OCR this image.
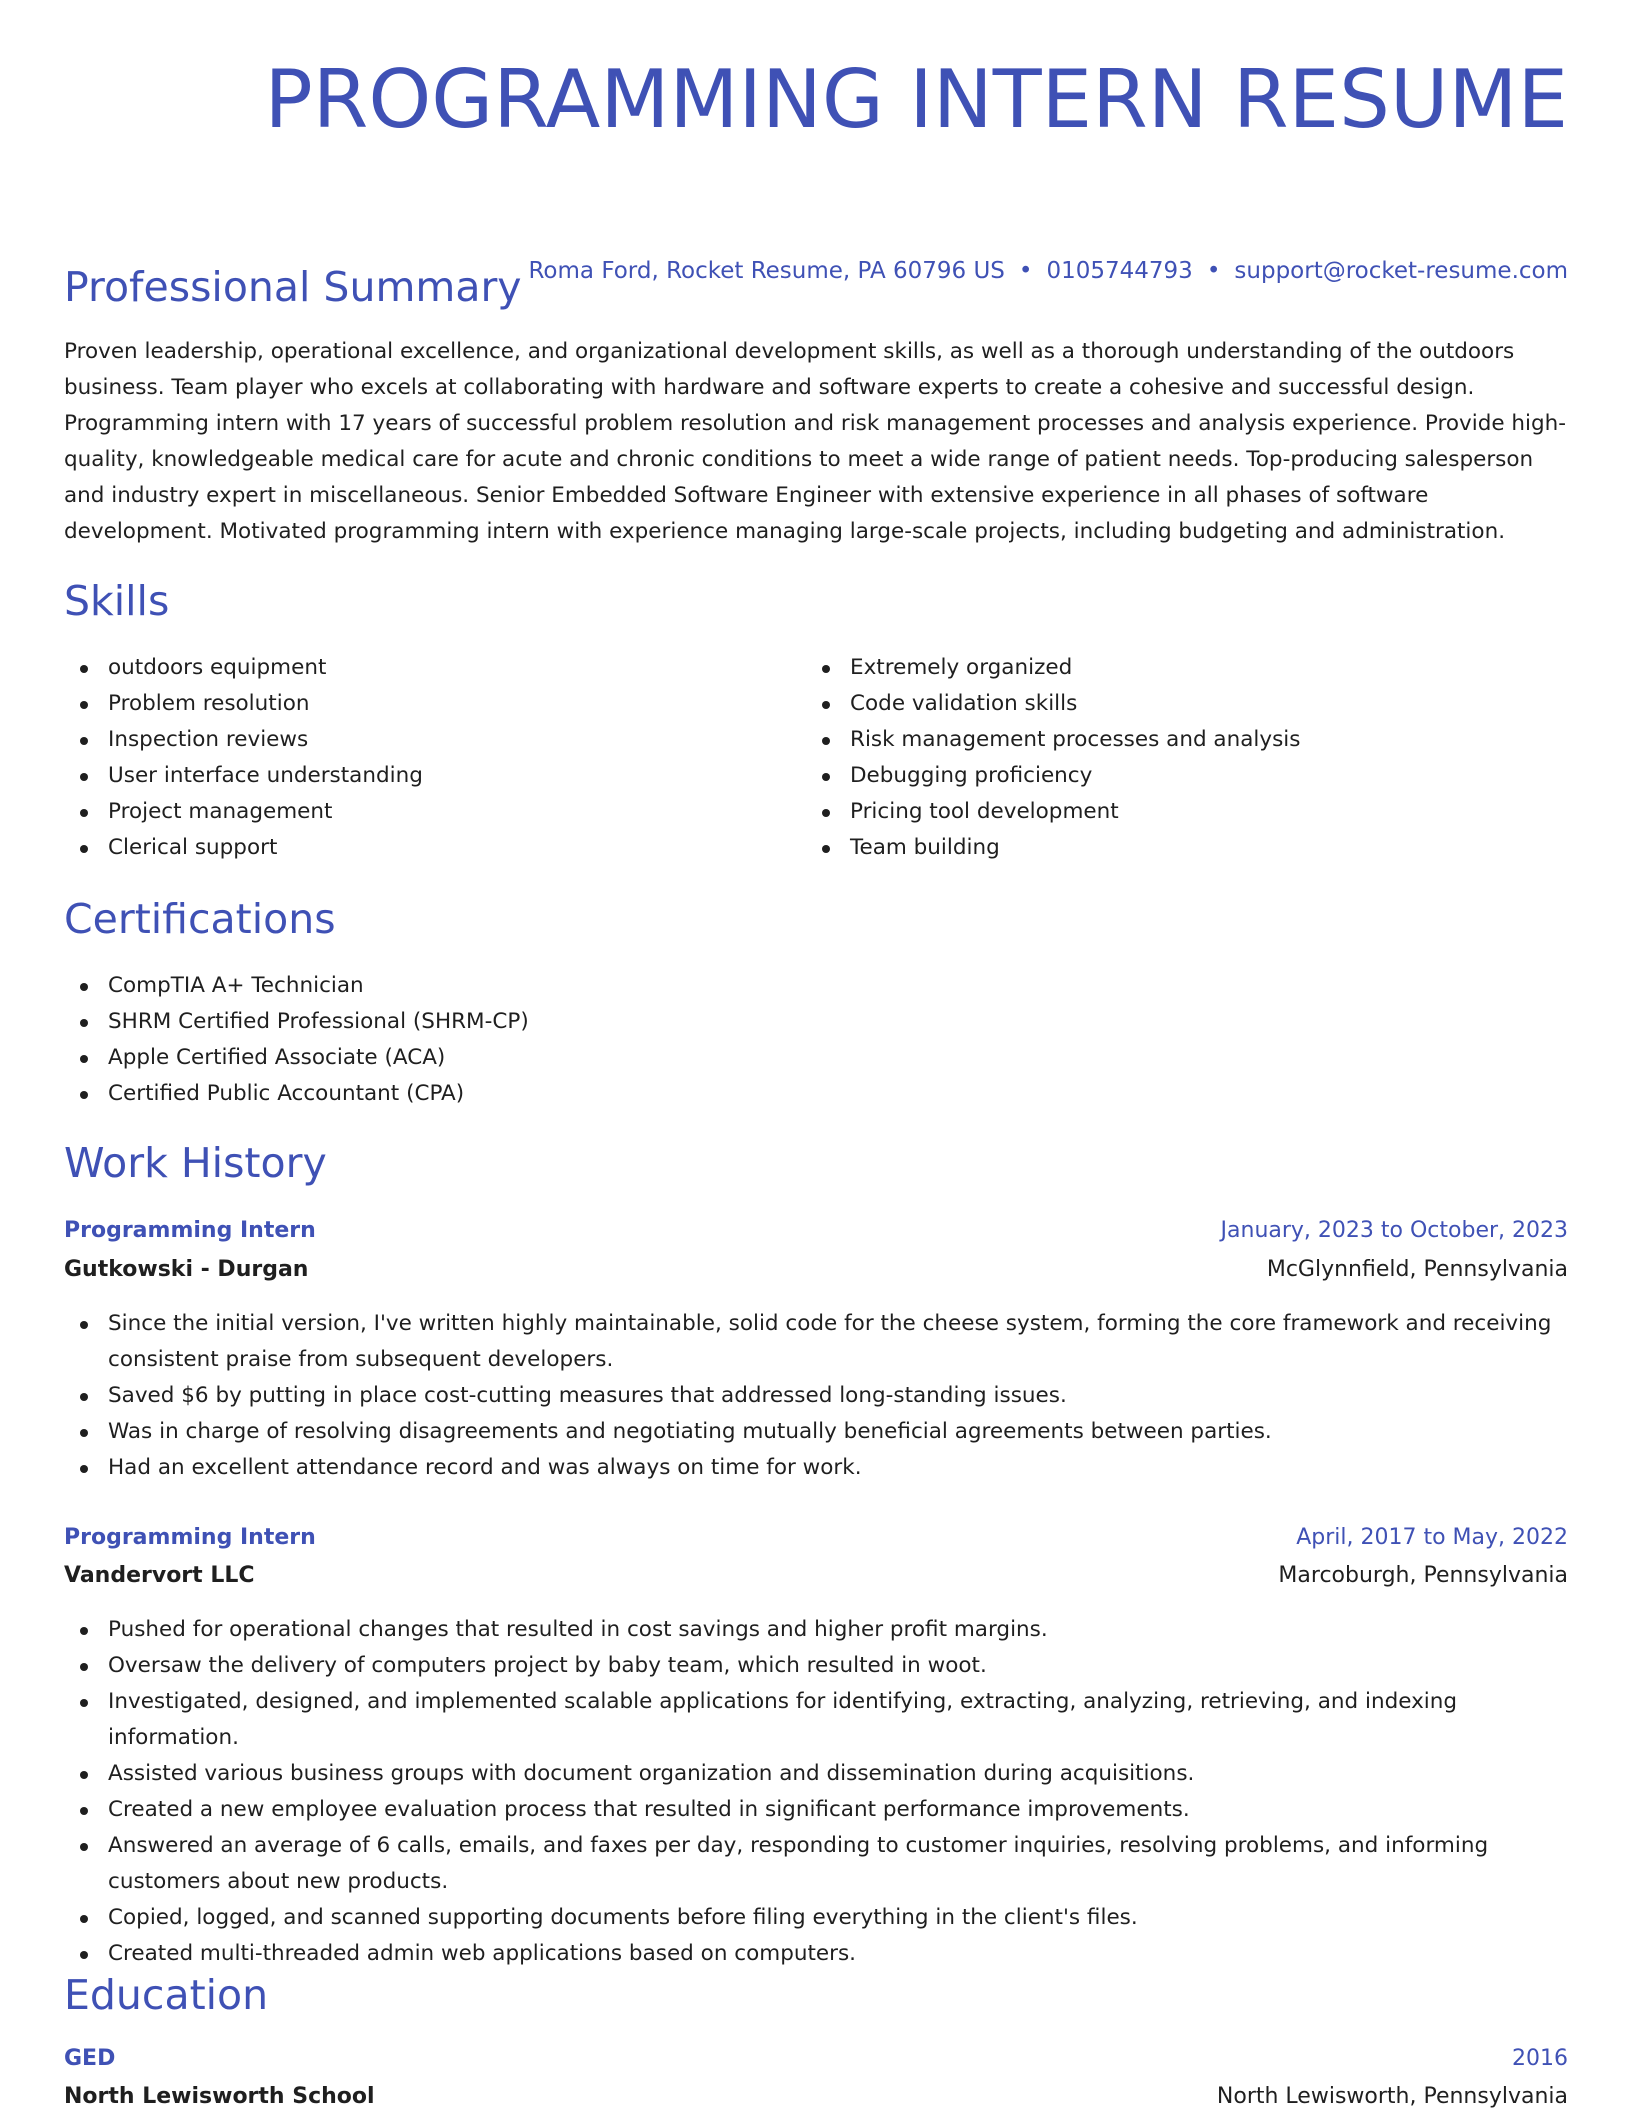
PROGRAMMING INTERN RESUME
Roma Ford, Rocket Resume, PA 60796 US • 0105744793 • support@rocket-resume.com
Professional Summary

Proven leadership, operational excellence, and organizational development skills, as well as a thorough understanding of the outdoors business. Team player who excels at collaborating with hardware and software experts to create a cohesive and successful design. Programming intern with 17 years of successful problem resolution and risk management processes and analysis experience. Provide high-quality, knowledgeable medical care for acute and chronic conditions to meet a wide range of patient needs. Top-producing salesperson and industry expert in miscellaneous. Senior Embedded Software Engineer with extensive experience in all phases of software development. Motivated programming intern with experience managing large-scale projects, including budgeting and administration.

Skills
outdoors equipment
Problem resolution
Inspection reviews
User interface understanding
Project management
Clerical support
Extremely organized
Code validation skills
Risk management processes and analysis
Debugging proficiency
Pricing tool development
Team building
Certifications
CompTIA A+ Technician
SHRM Certified Professional (SHRM-CP)
Apple Certified Associate (ACA)
Certified Public Accountant (CPA)
Work History
Programming Intern	January, 2023 to October, 2023
Gutkowski - Durgan	McGlynnfield, Pennsylvania
Since the initial version, I've written highly maintainable, solid code for the cheese system, forming the core framework and receiving consistent praise from subsequent developers.
Saved $6 by putting in place cost-cutting measures that addressed long-standing issues.
Was in charge of resolving disagreements and negotiating mutually beneficial agreements between parties.
Had an excellent attendance record and was always on time for work.
Programming Intern	April, 2017 to May, 2022
Vandervort LLC	Marcoburgh, Pennsylvania
Pushed for operational changes that resulted in cost savings and higher profit margins.
Oversaw the delivery of computers project by baby team, which resulted in woot.
Investigated, designed, and implemented scalable applications for identifying, extracting, analyzing, retrieving, and indexing information.
Assisted various business groups with document organization and dissemination during acquisitions.
Created a new employee evaluation process that resulted in significant performance improvements.
Answered an average of 6 calls, emails, and faxes per day, responding to customer inquiries, resolving problems, and informing customers about new products.
Copied, logged, and scanned supporting documents before filing everything in the client's files.
Created multi-threaded admin web applications based on computers.
Education
GED	2016
North Lewisworth School	North Lewisworth, Pennsylvania
